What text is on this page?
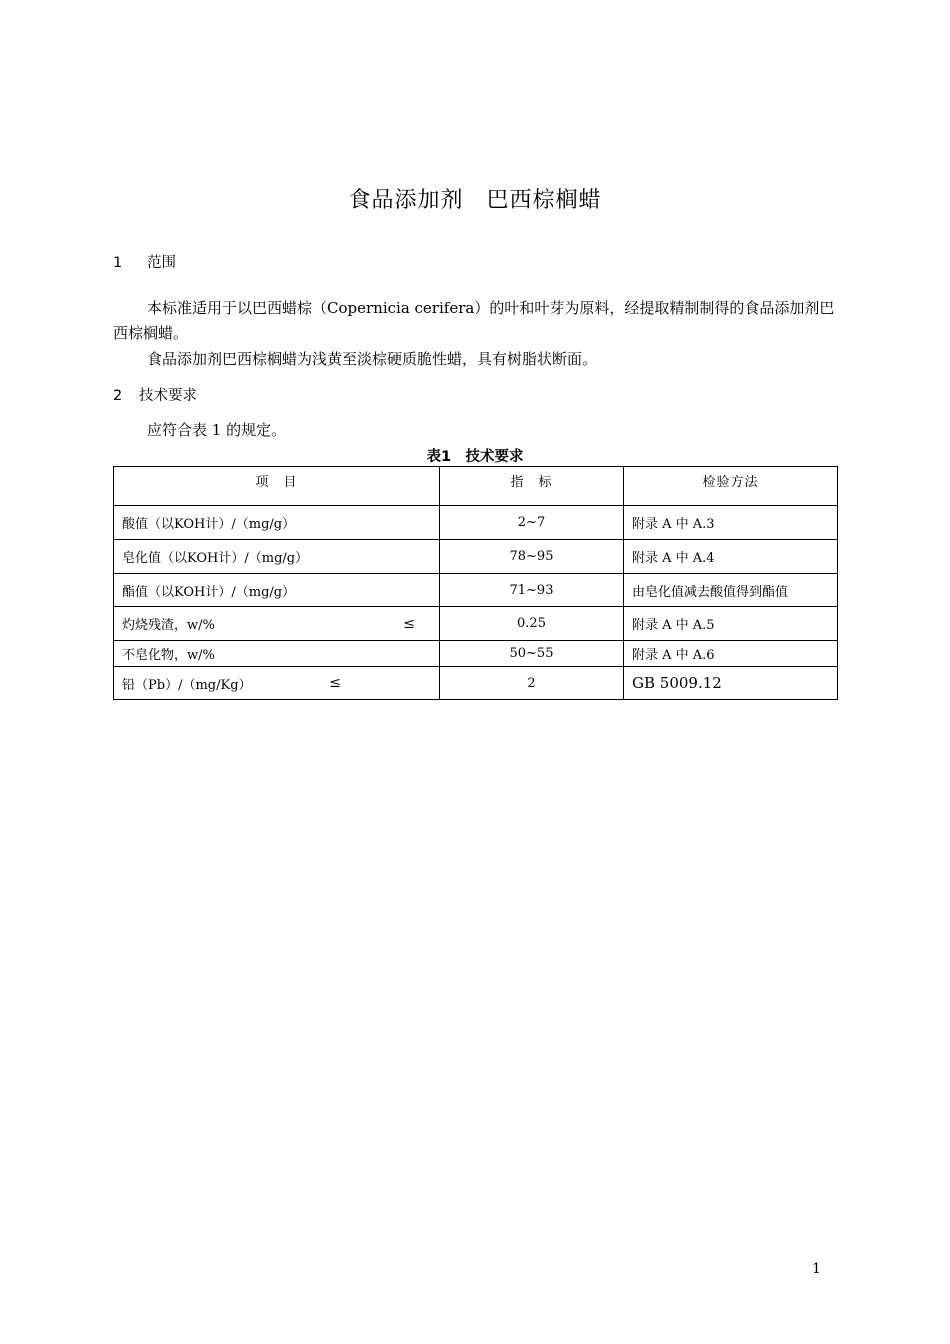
食品添加剂　巴西棕榈蜡
1 范围
本标准适用于以巴西蜡棕（Copernicia cerifera）的叶和叶芽为原料，经提取精制制得的食品添加剂巴西棕榈蜡。
食品添加剂巴西棕榈蜡为浅黄至淡棕硬质脆性蜡，具有树脂状断面。
2 技术要求
应符合表 1 的规定。
表1　技术要求
项　目	指　标	检验方法

酸值（以KOH计）/（mg/g）	2~7	附录 A 中 A.3

皂化值（以KOH计）/（mg/g）	78~95	附录 A 中 A.4

酯值（以KOH计）/（mg/g）	71~93	由皂化值减去酸值得到酯值

灼烧残渣，w/% ≤	0.25	附录 A 中 A.5

不皂化物，w/%	50~55	附录 A 中 A.6

铅（Pb）/（mg/Kg） ≤	2	GB 5009.12
1
